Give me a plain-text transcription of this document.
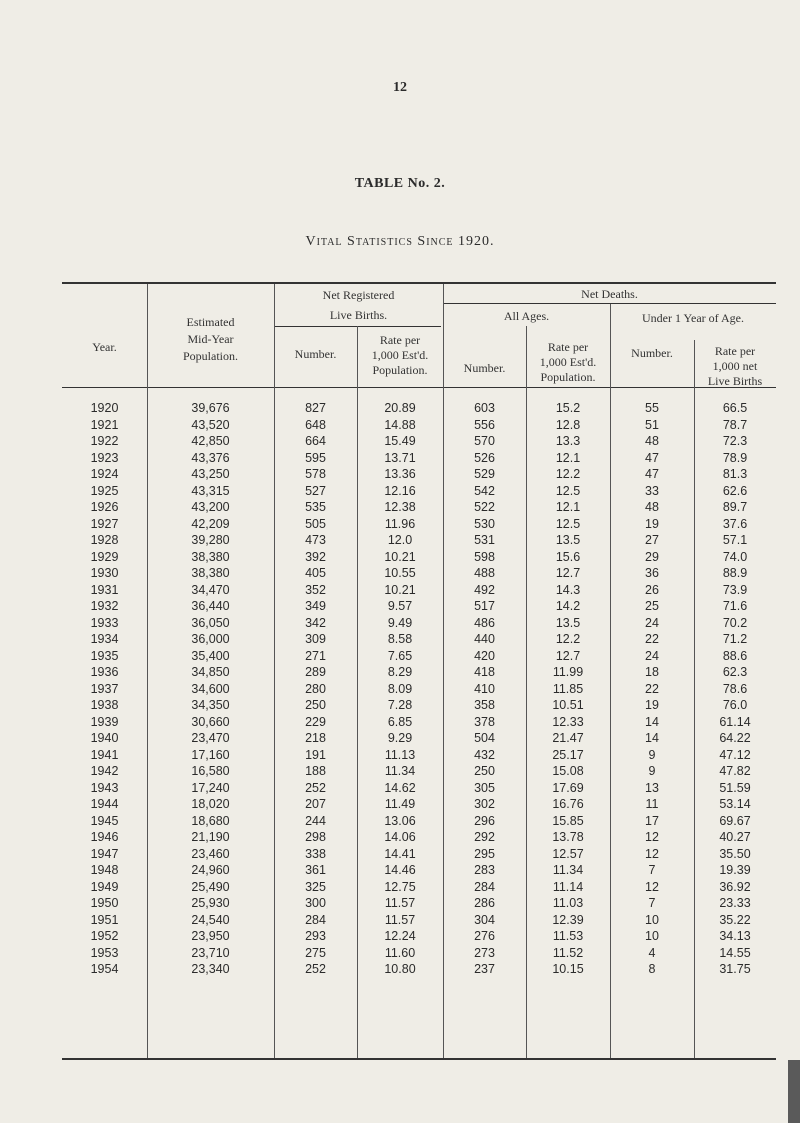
12
TABLE No. 2.
Vital Statistics Since 1920.
Year.
Estimated
Mid-Year
Population.
Net Registered
Live Births.
Net Deaths.
All Ages.	Under 1 Year of Age.
Number.
Rate per
1,000 Est'd.
Population.	Number.
Rate per
1,000 Est'd.
Population.
Number.	Rate per
1,000 net
Live Births
1920	39,676	827	20.89	603	15.2	55	66.5
1921	43,520	648	14.88	556	12.8	51	78.7
1922	42,850	664	15.49	570	13.3	48	72.3
1923	43,376	595	13.71	526	12.1	47	78.9
1924	43,250	578	13.36	529	12.2	47	81.3
1925	43,315	527	12.16	542	12.5	33	62.6
1926	43,200	535	12.38	522	12.1	48	89.7
1927	42,209	505	11.96	530	12.5	19	37.6
1928	39,280	473	12.0	531	13.5	27	57.1
1929	38,380	392	10.21	598	15.6	29	74.0
1930	38,380	405	10.55	488	12.7	36	88.9
1931	34,470	352	10.21	492	14.3	26	73.9
1932	36,440	349	9.57	517	14.2	25	71.6
1933	36,050	342	9.49	486	13.5	24	70.2
1934	36,000	309	8.58	440	12.2	22	71.2
1935	35,400	271	7.65	420	12.7	24	88.6
1936	34,850	289	8.29	418	11.99	18	62.3
1937	34,600	280	8.09	410	11.85	22	78.6
1938	34,350	250	7.28	358	10.51	19	76.0
1939	30,660	229	6.85	378	12.33	14	61.14
1940	23,470	218	9.29	504	21.47	14	64.22
1941	17,160	191	11.13	432	25.17	9	47.12
1942	16,580	188	11.34	250	15.08	9	47.82
1943	17,240	252	14.62	305	17.69	13	51.59
1944	18,020	207	11.49	302	16.76	11	53.14
1945	18,680	244	13.06	296	15.85	17	69.67
1946	21,190	298	14.06	292	13.78	12	40.27
1947	23,460	338	14.41	295	12.57	12	35.50
1948	24,960	361	14.46	283	11.34	7	19.39
1949	25,490	325	12.75	284	11.14	12	36.92
1950	25,930	300	11.57	286	11.03	7	23.33
1951	24,540	284	11.57	304	12.39	10	35.22
1952	23,950	293	12.24	276	11.53	10	34.13
1953	23,710	275	11.60	273	11.52	4	14.55
1954	23,340	252	10.80	237	10.15	8	31.75
